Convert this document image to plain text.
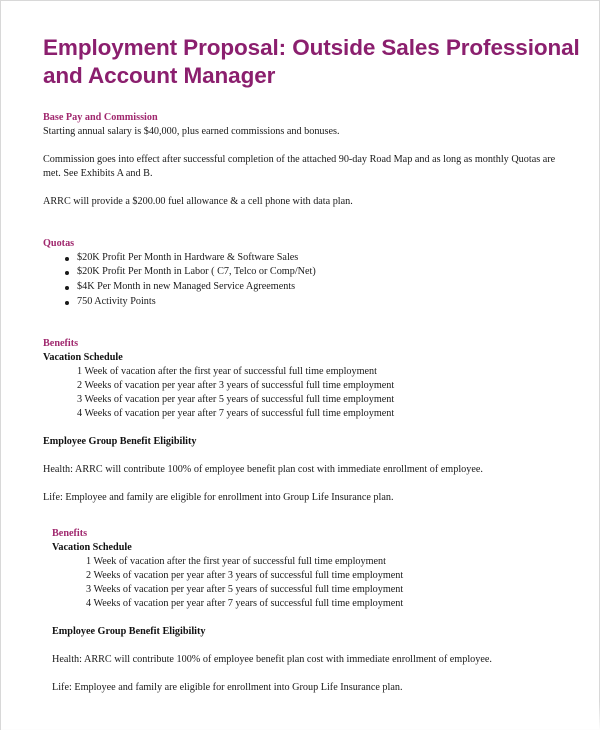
Employment Proposal: Outside Sales Professional and Account Manager
Base Pay and Commission
Starting annual salary is $40,000, plus earned commissions and bonuses.
Commission goes into effect after successful completion of the attached 90-day Road Map and as long as monthly Quotas are met. See Exhibits A and B.
ARRC will provide a $200.00 fuel allowance & a cell phone with data plan.
Quotas
$20K Profit Per Month in Hardware & Software Sales
$20K Profit Per Month in Labor ( C7, Telco or Comp/Net)
$4K Per Month in new Managed Service Agreements
750 Activity Points
Benefits
Vacation Schedule
1 Week of vacation after the first year of successful full time employment
2 Weeks of vacation per year after 3 years of successful full time employment
3 Weeks of vacation per year after 5 years of successful full time employment
4 Weeks of vacation per year after 7 years of successful full time employment
Employee Group Benefit Eligibility
Health: ARRC will contribute 100% of employee benefit plan cost with immediate enrollment of employee.
Life: Employee and family are eligible for enrollment into Group Life Insurance plan.
Benefits
Vacation Schedule
1 Week of vacation after the first year of successful full time employment
2 Weeks of vacation per year after 3 years of successful full time employment
3 Weeks of vacation per year after 5 years of successful full time employment
4 Weeks of vacation per year after 7 years of successful full time employment
Employee Group Benefit Eligibility
Health: ARRC will contribute 100% of employee benefit plan cost with immediate enrollment of employee.
Life: Employee and family are eligible for enrollment into Group Life Insurance plan.
